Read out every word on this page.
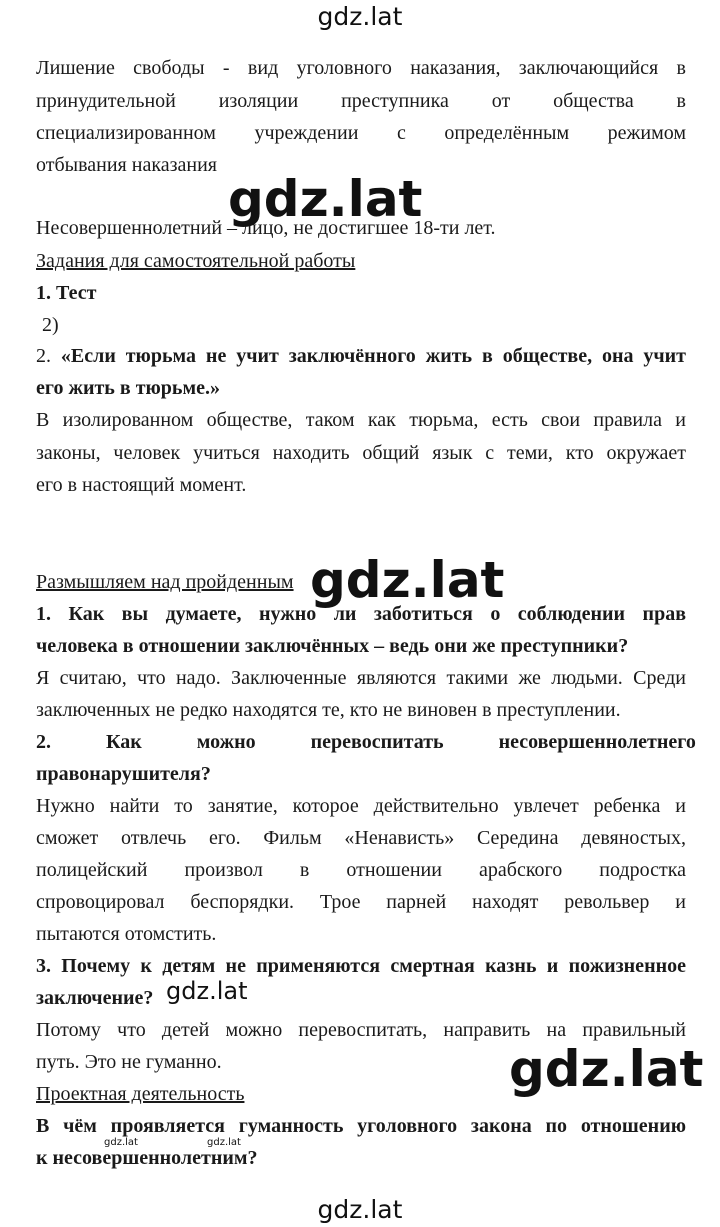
gdz.lat
Лишение свободы - вид уголовного наказания, заключающийся в
принудительной изоляции преступника от общества в
специализированном учреждении с определённым режимом
отбывания наказания
Несовершеннолетний – лицо, не достигшее 18-ти лет.
Задания для самостоятельной работы
1. Тест
2)
2. «Если тюрьма не учит заключённого жить в обществе, она учит
его жить в тюрьме.»
В изолированном обществе, таком как тюрьма, есть свои правила и
законы, человек учиться находить общий язык с теми, кто окружает
его в настоящий момент.
Размышляем над пройденным
1. Как вы думаете, нужно ли заботиться о соблюдении прав
человека в отношении заключённых – ведь они же преступники?
Я считаю, что надо. Заключенные являются такими же людьми. Среди
заключенных не редко находятся те, кто не виновен в преступлении.
2. Как можно перевоспитать несовершеннолетнего
правонарушителя?
Нужно найти то занятие, которое действительно увлечет ребенка и
сможет отвлечь его. Фильм «Ненависть» Середина девяностых,
полицейский произвол в отношении арабского подростка
спровоцировал беспорядки. Трое парней находят револьвер и
пытаются отомстить.
3. Почему к детям не применяются смертная казнь и пожизненное
заключение?
Потому что детей можно перевоспитать, направить на правильный
путь. Это не гуманно.
Проектная деятельность
В чём проявляется гуманность уголовного закона по отношению
к несовершеннолетним?
gdz.lat
gdz.lat
gdz.lat
gdz.lat
gdz.lat	gdz.lat
gdz.lat
